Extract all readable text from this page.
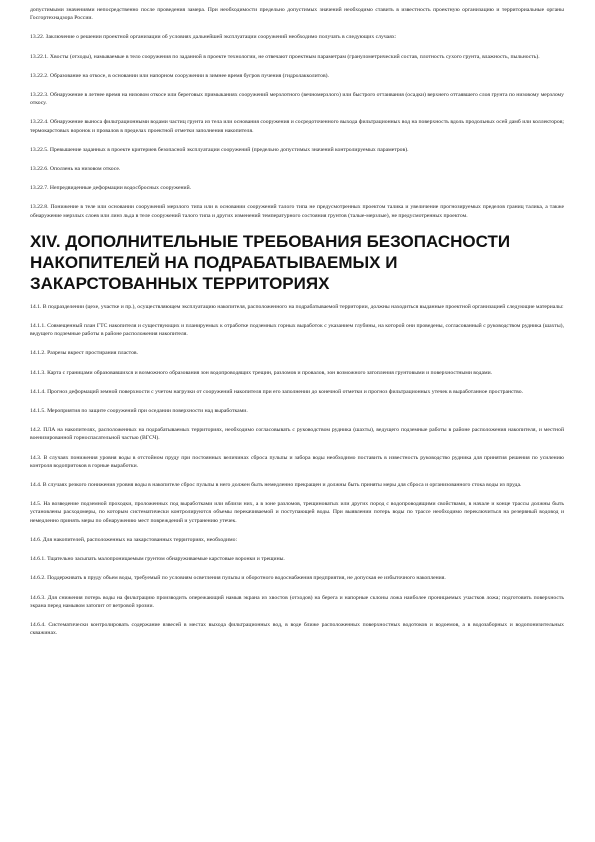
допустимыми значениями непосредственно после проведения замера. При необходимости предельно допустимых значений необходимо ставить в известность проектную организацию и территориальные органы Госгортехнадзора России.

13.22. Заключение о решении проектной организации об условиях дальнейшей эксплуатации сооружений необходимо получать в следующих случаях:

13.22.1. Хвосты (отходы), намываемые в тело сооружения по заданной в проекте технологии, не отвечают проектным параметрам (гранулометрический состав, плотность сухого грунта, влажность, пыльность).

13.22.2. Образование на откосе, в основании или напорном сооружении в зимнее время бугров пучения (гидролакколитов).

13.22.3. Обнаружение в летнее время на низовом откосе или береговых примыканиях сооружений мерзлотного (вечномерзлого) или быстрого оттаивания (осадки) верхнего оттаявшего слоя грунта по низовому мерзлому откосу.

13.22.4. Обнаружение выноса фильтрационными водами частиц грунта из тела или основания сооружения и сосредоточенного выхода фильтрационных вод на поверхность вдоль продольных осей дамб или коллекторов; термокарстовых воронок и провалов в пределах проектной отметки заполнения накопителя.

13.22.5. Превышение заданных в проекте критериев безопасной эксплуатации сооружений (предельно допустимых значений контролируемых параметров).

13.22.6. Оползень на низовом откосе.

13.22.7. Непредвиденные деформации водосбросных сооружений.

13.22.8. Понижение в теле или основании сооружений мерзлого типа или в основании сооружений талого типа не предусмотренных проектом талика и увеличение прогнозируемых пределов границ талика, а также обнаружение мерзлых слоев или линз льда в теле сооружений талого типа и других изменений температурного состояния грунтов (талые-мерзлые), не предусмотренных проектом.

XIV. ДОПОЛНИТЕЛЬНЫЕ ТРЕБОВАНИЯ БЕЗОПАСНОСТИ НАКОПИТЕЛЕЙ НА ПОДРАБАТЫВАЕМЫХ И ЗАКАРСТОВАННЫХ ТЕРРИТОРИЯХ

14.1. В подразделении (цехе, участке и пр.), осуществляющем эксплуатацию накопителя, расположенного на подрабатываемой территории, должны находиться выданные проектной организацией следующие материалы:

14.1.1. Совмещенный план ГТС накопителя и существующих и планируемых к отработке подземных горных выработок с указанием глубины, на которой они проведены, согласованный с руководством рудника (шахты), ведущего подземные работы в районе расположения накопителя.

14.1.2. Разрезы вкрест простирания пластов.

14.1.3. Карта с границами образовавшихся и возможного образования зон водопроводящих трещин, разломов и провалов, зон возможного затопления грунтовыми и поверхностными водами.

14.1.4. Прогноз деформаций земной поверхности с учетом нагрузки от сооружений накопителя при его заполнении до конечной отметки и прогноз фильтрационных утечек в выработанное пространство.

14.1.5. Мероприятия по защите сооружений при оседании поверхности над выработками.

14.2. ПЛА на накопителях, расположенных на подрабатываемых территориях, необходимо согласовывать с руководством рудника (шахты), ведущего подземные работы в районе расположения накопителя, и местной военизированной горноспасательной частью (ВГСЧ).

14.3. В случаях понижения уровня воды в отстойном пруду при постоянных величинах сброса пульпы и забора воды необходимо поставить в известность руководство рудника для принятия решения по усилению контроля водопритоков в горные выработки.

14.4. В случаях резкого понижения уровня воды в накопителе сброс пульпы в него должен быть немедленно прекращен и должны быть приняты меры для сброса и организованного стока воды из пруда.

14.5. На возведение подземной проходки, проложенных под выработками или вблизи них, а в зоне разломов, трещиноватых или других пород с водопроводящими свойствами, в начале и конце трассы должны быть установлены расходомеры, по которым систематически контролируются объемы перекачиваемой и поступающей воды. При выявлении потерь воды по трассе необходимо переключиться на резервный водовод и немедленно принять меры по обнаружению мест повреждений и устранению утечек.

14.6. Для накопителей, расположенных на закарстованных территориях, необходимо:

14.6.1. Тщательно засыпать малопроницаемым грунтом обнаруживаемые карстовые воронки и трещины.

14.6.2. Поддерживать в пруду объем воды, требуемый по условиям осветления пульпы и оборотного водоснабжения предприятия, не допуская ее избыточного накопления.

14.6.3. Для снижения потерь воды на фильтрацию производить опережающий намыв экрана из хвостов (отходов) на берега и напорные склоны ложа наиболее проницаемых участков ложа; подготовить поверхность экрана перед намывом затопит от ветровой эрозии.

14.6.4. Систематически контролировать содержание взвесей в местах выхода фильтрационных вод, в воде ближе расположенных поверхностных водотоков и водоемов, а в водозаборных и водопонизительных скважинах.
